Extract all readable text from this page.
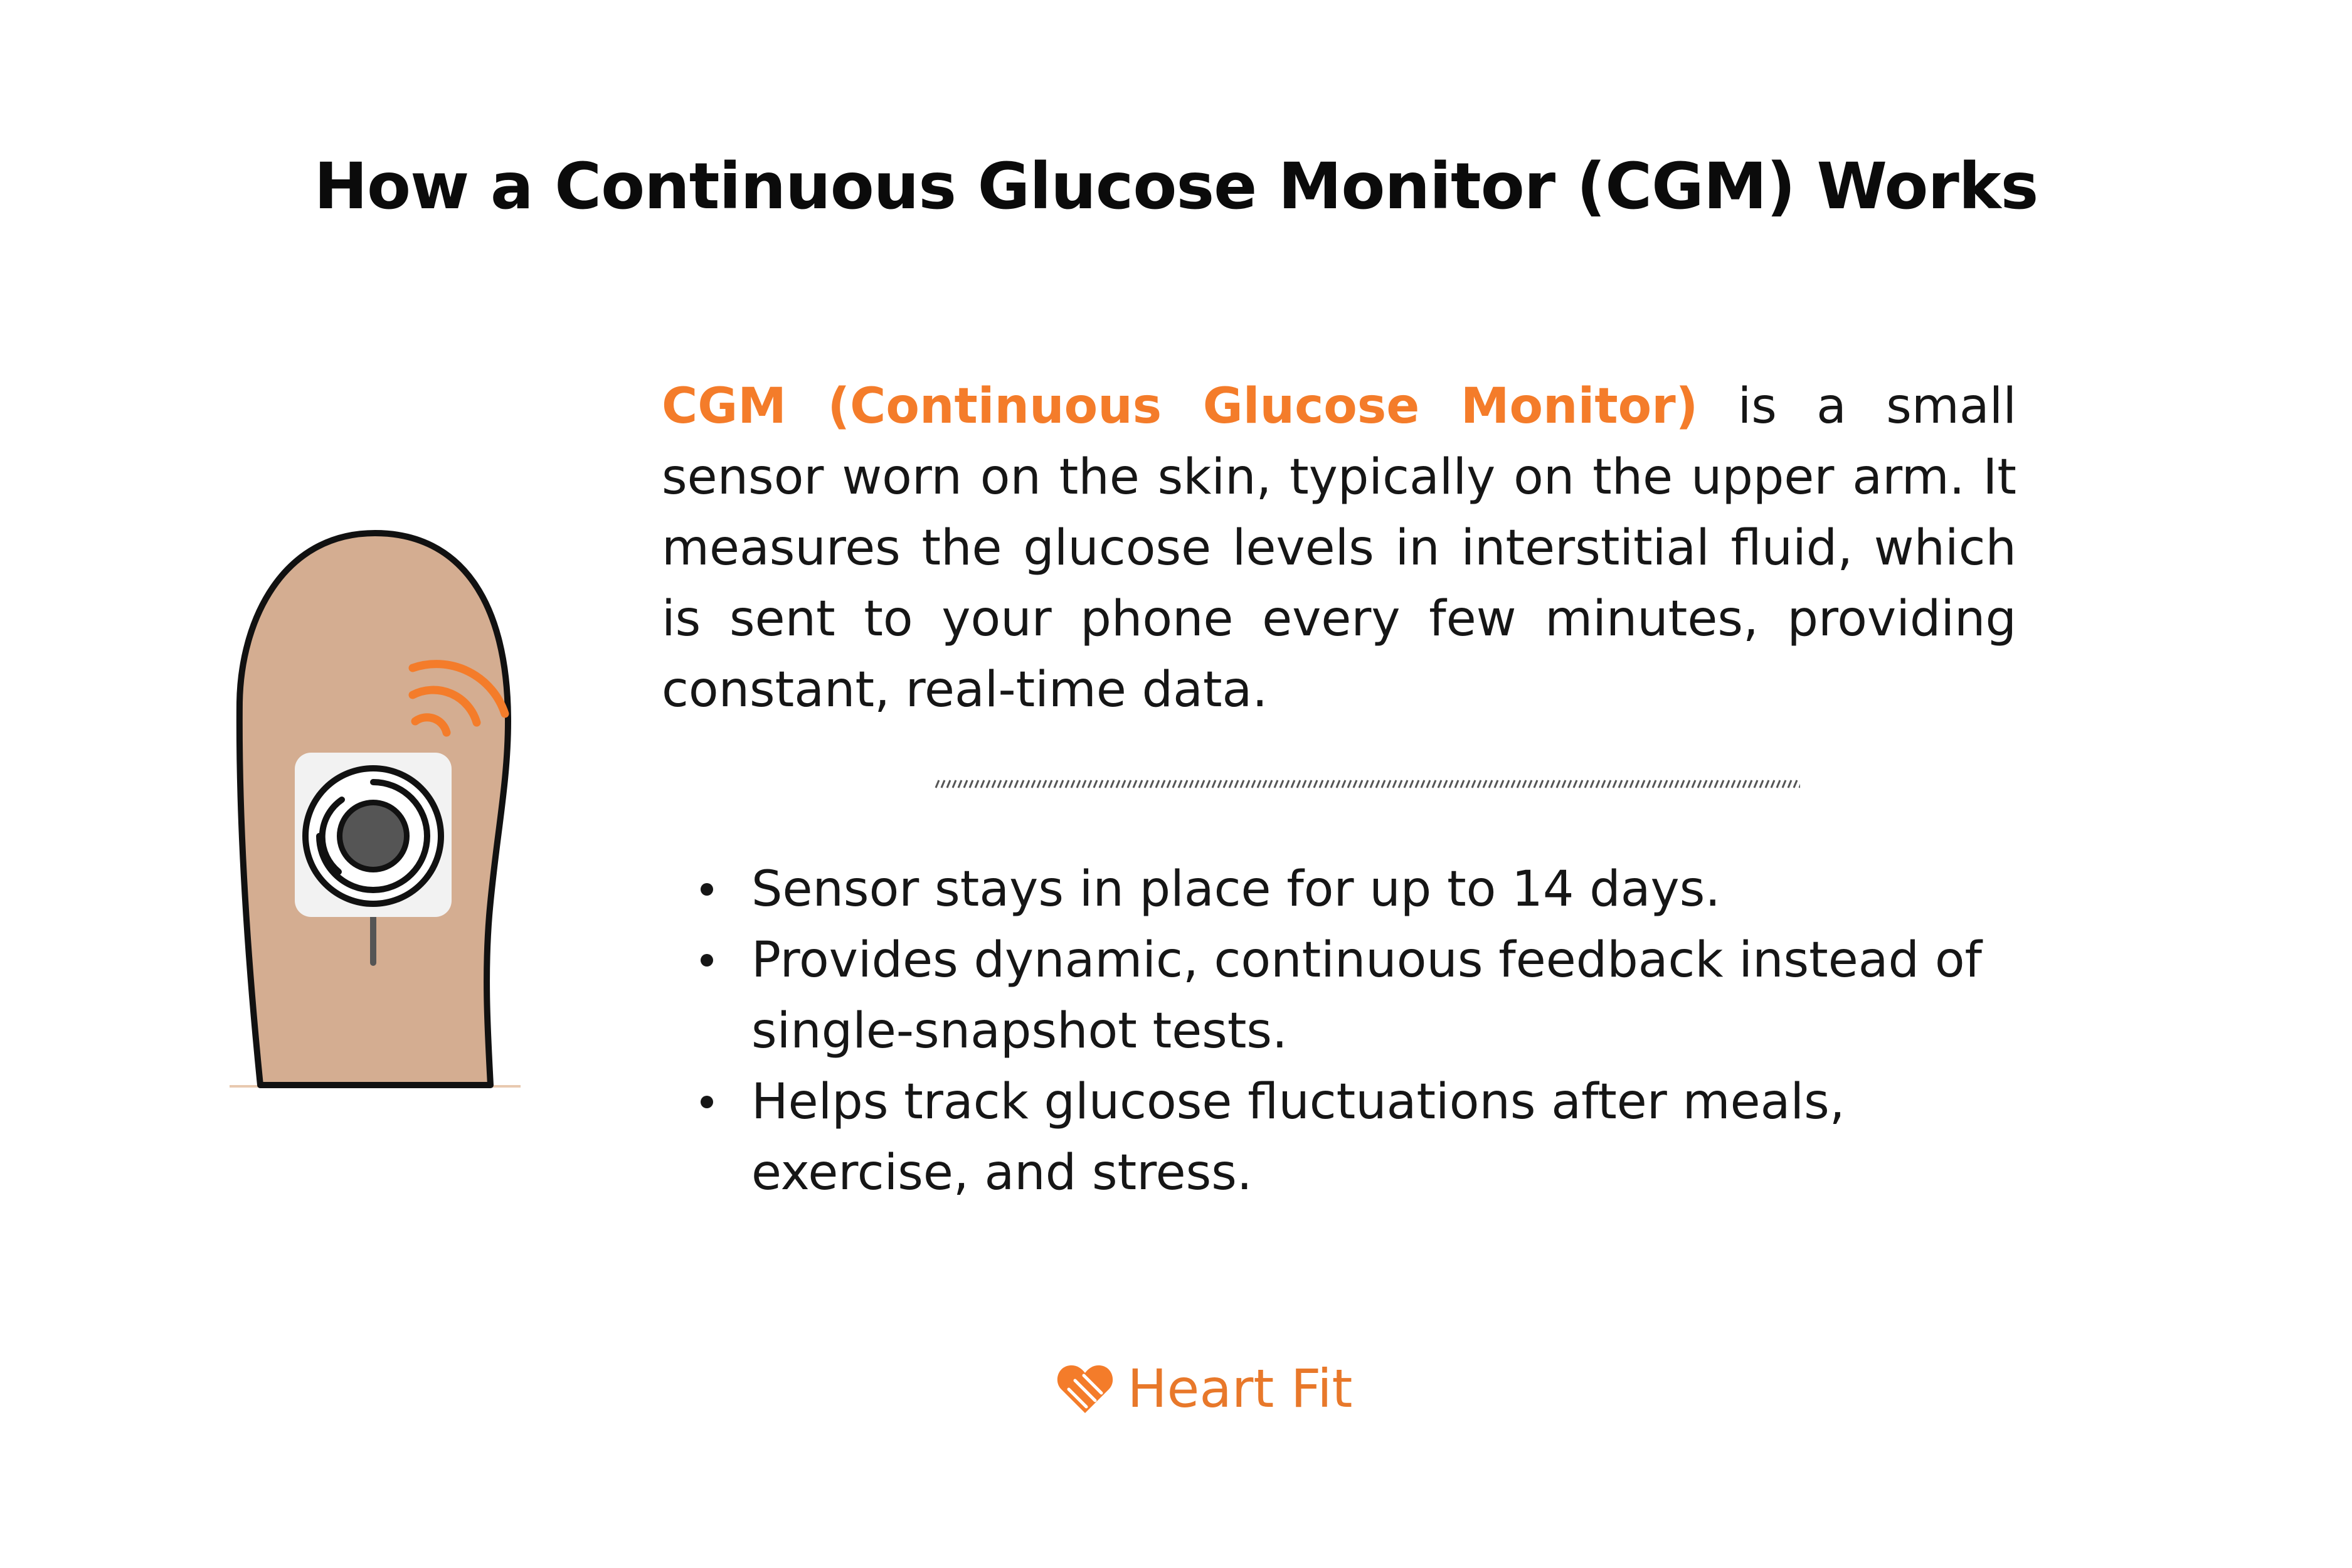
How a Continuous Glucose Monitor (CGM) Works

CGM (Continuous Glucose Monitor) is a small sensor worn on the skin, typically on the upper arm. It measures the glucose levels in interstitial fluid, which is sent to your phone every few minutes, providing constant, real-time data.

Sensor stays in place for up to 14 days.
Provides dynamic, continuous feedback instead of single-snapshot tests.
Helps track glucose fluctuations after meals, exercise, and stress.
Heart Fit
